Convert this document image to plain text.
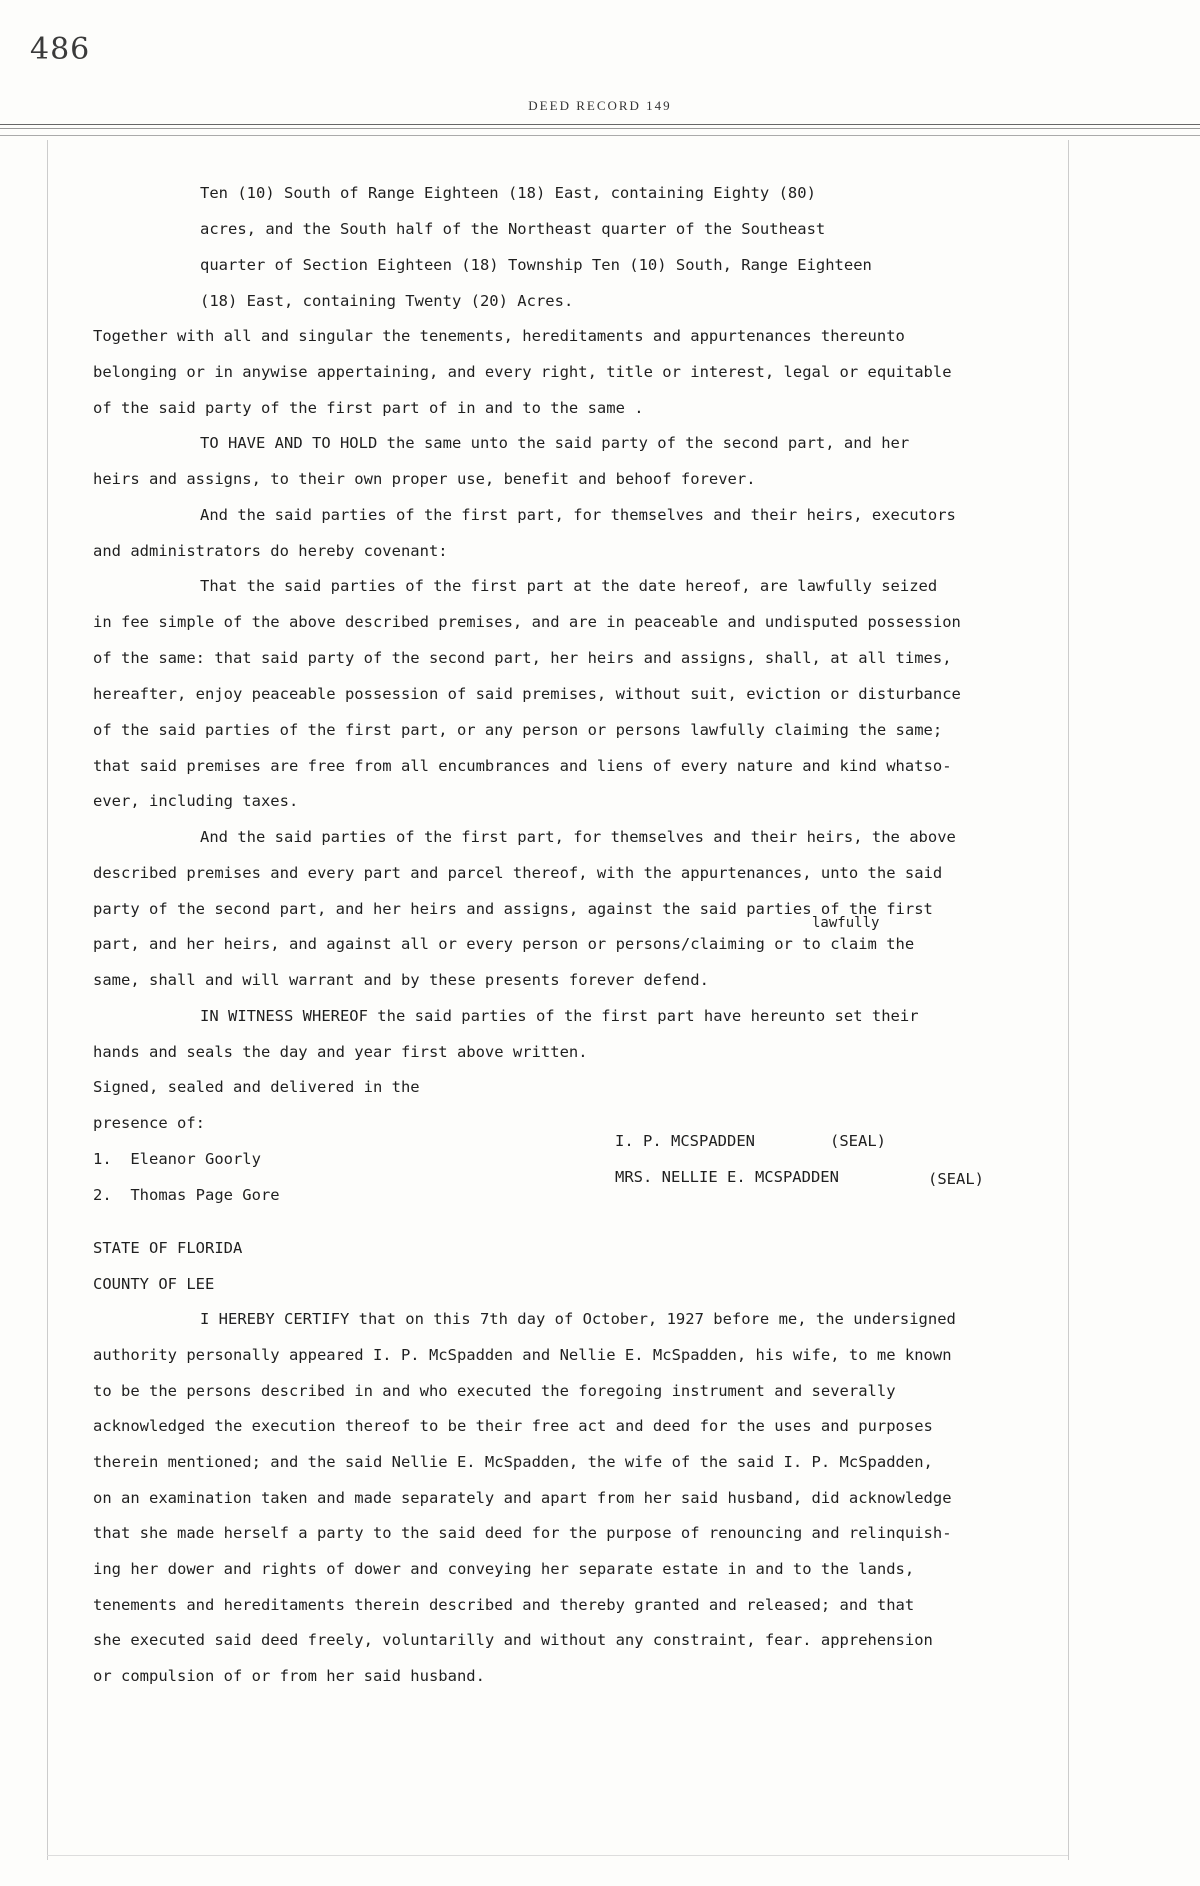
486
DEED RECORD 149
Ten (10) South of Range Eighteen (18) East, containing Eighty (80)
acres, and the South half of the Northeast quarter of the Southeast
quarter of Section Eighteen (18) Township Ten (10) South, Range Eighteen
(18) East, containing Twenty (20) Acres.
Together with all and singular the tenements, hereditaments and appurtenances thereunto
belonging or in anywise appertaining, and every right, title or interest, legal or equitable
of the said party of the first part of in and to the same .
TO HAVE AND TO HOLD the same unto the said party of the second part, and her
heirs and assigns, to their own proper use, benefit and behoof forever.
And the said parties of the first part, for themselves and their heirs, executors
and administrators do hereby covenant:
That the said parties of the first part at the date hereof, are lawfully seized
in fee simple of the above described premises, and are in peaceable and undisputed possession
of the same: that said party of the second part, her heirs and assigns, shall, at all times,
hereafter, enjoy peaceable possession of said premises, without suit, eviction or disturbance
of the said parties of the first part, or any person or persons lawfully claiming the same;
that said premises are free from all encumbrances and liens of every nature and kind whatso-
ever, including taxes.
And the said parties of the first part, for themselves and their heirs, the above
described premises and every part and parcel thereof, with the appurtenances, unto the said
party of the second part, and her heirs and assigns, against the said parties of the first
lawfully
part, and her heirs, and against all or every person or persons/claiming or to claim the
same, shall and will warrant and by these presents forever defend.
IN WITNESS WHEREOF the said parties of the first part have hereunto set their
hands and seals the day and year first above written.
Signed, sealed and delivered in the
presence of:
1.  Eleanor Goorly
2.  Thomas Page Gore
I. P. MCSPADDEN	(SEAL)
MRS. NELLIE E. MCSPADDEN	(SEAL)
STATE OF FLORIDA
COUNTY OF LEE
I HEREBY CERTIFY that on this 7th day of October, 1927 before me, the undersigned
authority personally appeared I. P. McSpadden and Nellie E. McSpadden, his wife, to me known
to be the persons described in and who executed the foregoing instrument and severally
acknowledged the execution thereof to be their free act and deed for the uses and purposes
therein mentioned; and the said Nellie E. McSpadden, the wife of the said I. P. McSpadden,
on an examination taken and made separately and apart from her said husband, did acknowledge
that she made herself a party to the said deed for the purpose of renouncing and relinquish-
ing her dower and rights of dower and conveying her separate estate in and to the lands,
tenements and hereditaments therein described and thereby granted and released; and that
she executed said deed freely, voluntarilly and without any constraint, fear. apprehension
or compulsion of or from her said husband.
